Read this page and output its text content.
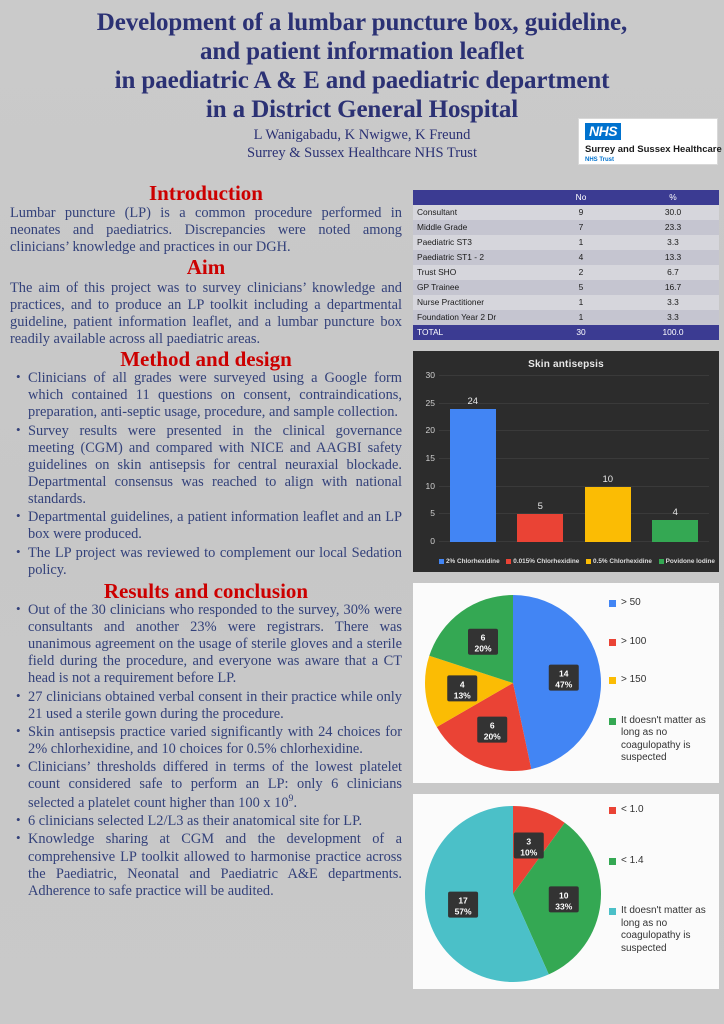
Development of a lumbar puncture box, guideline,
and patient information leaflet
in paediatric A & E and paediatric department
in a District General Hospital
L Wanigabadu, K Nwigwe, K Freund
Surrey & Sussex Healthcare NHS Trust
NHS
Surrey and Sussex Healthcare
NHS Trust
Introduction

Lumbar puncture (LP) is a common procedure performed in neonates and paediatrics. Discrepancies were noted among clinicians’ knowledge and practices in our DGH.

Aim

The aim of this project was to survey clinicians’ knowledge and practices, and to produce an LP toolkit including a departmental guideline, patient information leaflet, and a lumbar puncture box readily available across all paediatric areas.

Method and design
• Clinicians of all grades were surveyed using a Google form which contained 11 questions on consent, contraindications, preparation, anti-septic usage, procedure, and sample collection.
• Survey results were presented in the clinical governance meeting (CGM) and compared with NICE and AAGBI safety guidelines on skin antisepsis for central neuraxial blockade. Departmental consensus was reached to align with national standards.
• Departmental guidelines, a patient information leaflet and an LP box were produced.
• The LP project was reviewed to complement our local Sedation policy.
Results and conclusion
• Out of the 30 clinicians who responded to the survey, 30% were consultants and another 23% were registrars. There was unanimous agreement on the usage of sterile gloves and a sterile field during the procedure, and everyone was aware that a CT head is not a requirement before LP.
• 27 clinicians obtained verbal consent in their practice while only 21 used a sterile gown during the procedure.
• Skin antisepsis practice varied significantly with 24 choices for 2% chlorhexidine, and 10 choices for 0.5% chlorhexidine.
• Clinicians’ thresholds differed in terms of the lowest platelet count considered safe to perform an LP: only 6 clinicians selected a platelet count higher than 100 x $10^9$.
• 6 clinicians selected L2/L3 as their anatomical site for LP.
• Knowledge sharing at CGM and the development of a comprehensive LP toolkit allowed to harmonise practice across the Paediatric, Neonatal and Paediatric A&E departments. Adherence to safe practice will be audited.
	No	%
Consultant	9	30.0
Middle Grade	7	23.3
Paediatric ST3	1	3.3
Paediatric ST1 - 2	4	13.3
Trust SHO	2	6.7
GP Trainee	5	16.7
Nurse Practitioner	1	3.3
Foundation Year 2 Dr	1	3.3
TOTAL	30	100.0
Skin antisepsis
30
25
20
15
10
5
0
24
5
10
4
2% Chlorhexidine 0.015% Chlorhexidine 0.5% Chlorhexidine Povidone Iodine
14
47%
6
20%
4
13%
6
20%
> 50
> 100
> 150
It doesn't matter as long as no coagulopathy is suspected
3
10%
10
33%
17
57%
< 1.0
< 1.4
It doesn't matter as long as no coagulopathy is suspected
